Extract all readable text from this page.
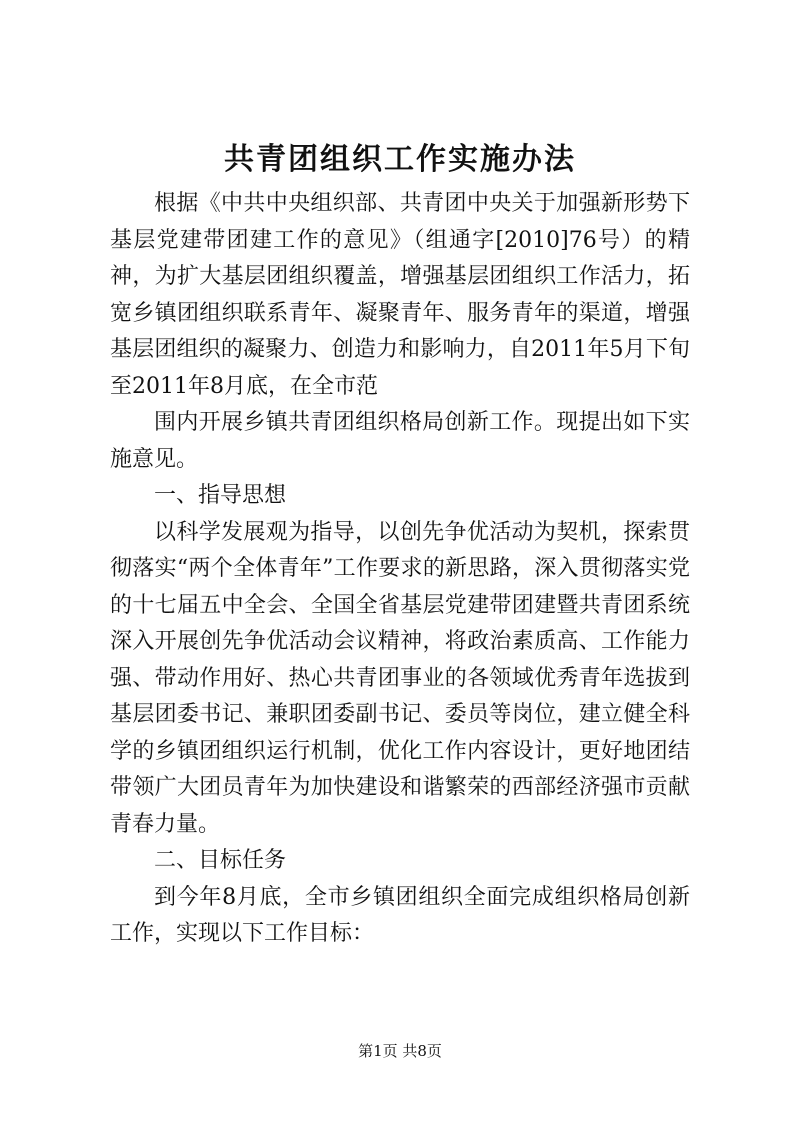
共青团组织工作实施办法

根据《中共中央组织部、共青团中央关于加强新形势下基层党建带团建工作的意见》（组通字[2010]76号）的精神，为扩大基层团组织覆盖，增强基层团组织工作活力，拓宽乡镇团组织联系青年、凝聚青年、服务青年的渠道，增强基层团组织的凝聚力、创造力和影响力，自2011年5月下旬至2011年8月底，在全市范

围内开展乡镇共青团组织格局创新工作。现提出如下实施意见。

一、指导思想

以科学发展观为指导，以创先争优活动为契机，探索贯彻落实“两个全体青年”工作要求的新思路，深入贯彻落实党的十七届五中全会、全国全省基层党建带团建暨共青团系统深入开展创先争优活动会议精神，将政治素质高、工作能力强、带动作用好、热心共青团事业的各领域优秀青年选拔到基层团委书记、兼职团委副书记、委员等岗位，建立健全科学的乡镇团组织运行机制，优化工作内容设计，更好地团结带领广大团员青年为加快建设和谐繁荣的西部经济强市贡献青春力量。

二、目标任务

到今年8月底，全市乡镇团组织全面完成组织格局创新工作，实现以下工作目标：

第1页 共8页
